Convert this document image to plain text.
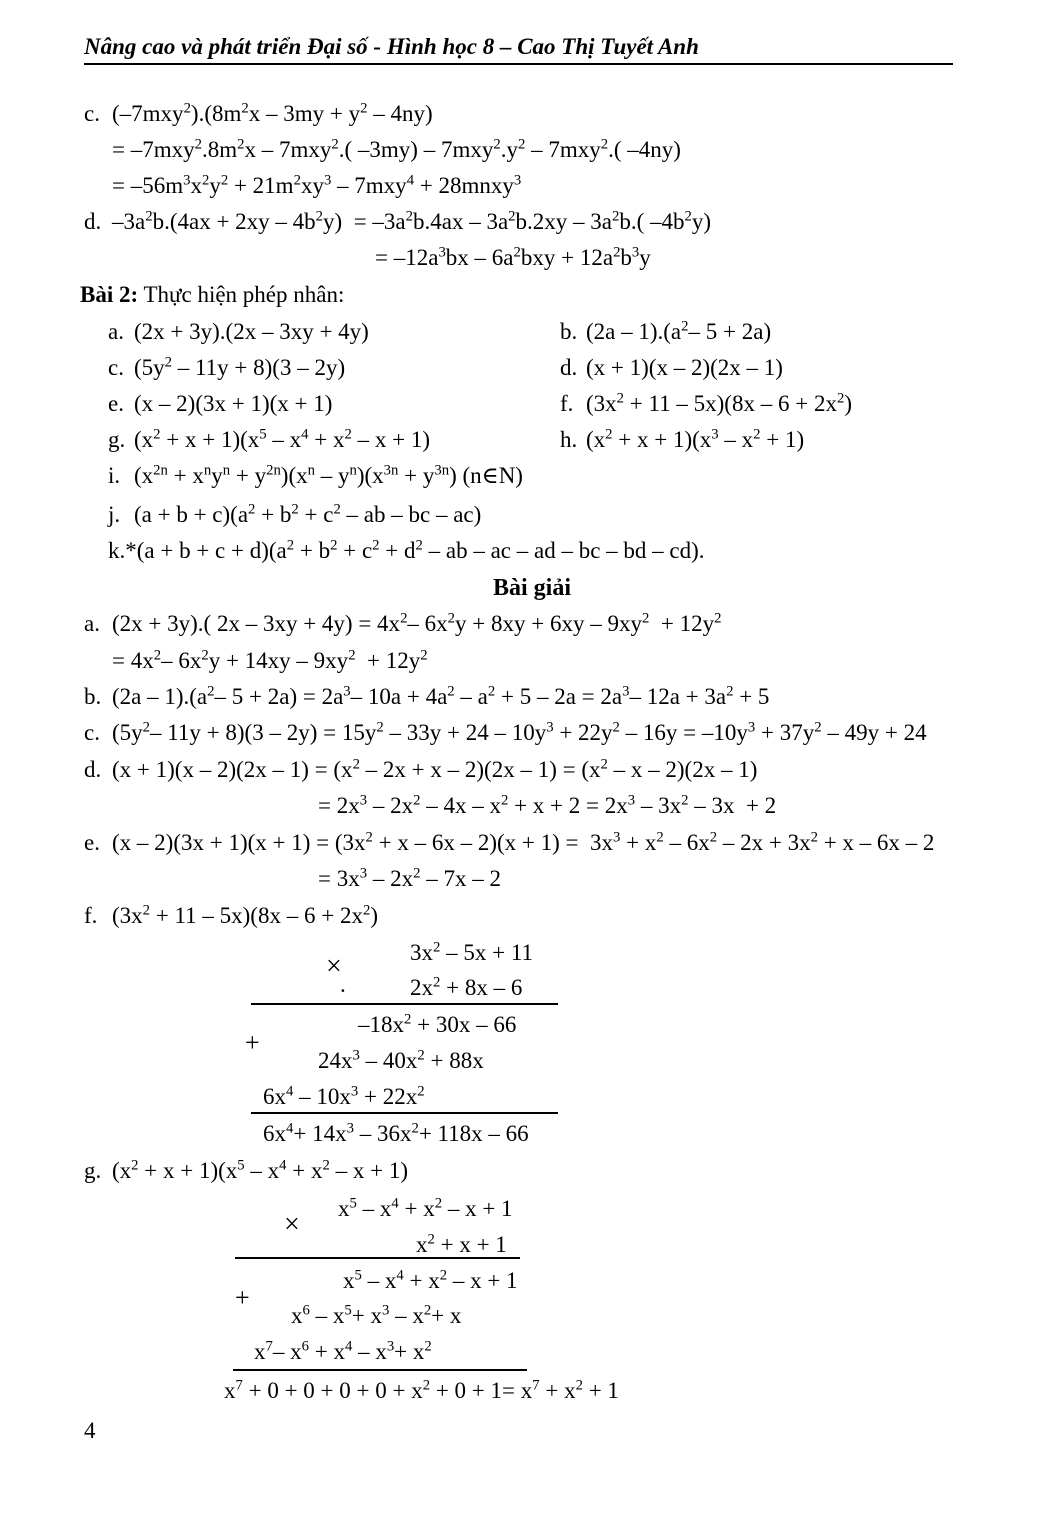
Nâng cao và phát triển Đại số - Hình học 8 – Cao Thị Tuyết Anh
c. $(-7mxy^2).(8m^2x - 3my + y^2 - 4ny)$
= $-7mxy^2.8m^2x - 7mxy^2$.( $-3my) - 7mxy^2.y^2 - 7mxy^2$.( –4ny)
= $-56m^3x^2y^2 + 21m^2xy^3 - 7mxy^4$ + 28mnxy$^3$
d. $-3a^2b.(4ax + 2xy - 4b^2y) = -3a^2b.4ax - 3a^2b.2xy - 3a^2b$.( $-4b^2y$)
= $-12a^3bx - 6a^2bxy + 12a^2b^3y$
Bài 2: Thực hiện phép nhân:
a. (2x + 3y).(2x – 3xy + 4y)	b. $(2a - 1).(a^2-$ 5 + 2a)
c. $(5y^2 - 11y + 8)(3 - 2y)$	d. (x + 1)(x – 2)(2x – 1)
e. (x – 2)(3x + 1)(x + 1)	f. $(3x^2 + 11 - 5x)(8x - 6 + 2x^2)$
g. $(x^2 + x + 1)(x^5 - x^4 + x^2 - x + 1)$	h. $(x^2 + x + 1)(x^3 - x^2 + 1)$
i. $(x^{2n} + x^ny^n + y^{2n})(x^n - y^n)(x^{3n} + y^{3n})$ (n∈N)
j. $(a + b + c)(a^2 + b^2 + c^2$ – ab – bc – ac)
$k.*(a + b + c + d)(a^2 + b^2 + c^2 + d^2$ – ab – ac – ad – bc – bd – cd).
Bài giải
a. (2x + 3y).( $2x - 3xy + 4y) = 4x^2-$ $6x^2y + 8xy + 6xy - 9xy^2 + 12y^2$
= $4x^2-$ $6x^2y + 14xy - 9xy^2 + 12y^2$
b. $(2a - 1).(a^2-$ $5 + 2a) = 2a^3-$ $10a + 4a^2 - a^2 + 5 - 2a = 2a^3-$ $12a + 3a^2 + 5$
c. ($5y^2-$ $11y + 8)(3 - 2y) = 15y^2 - 33y + 24 - 10y^3 + 22y^2 - 16y = -10y^3 + 37y^2 - 49y + 24$
d. $(x + 1)(x - 2)(2x - 1) = (x^2 - 2x + x - 2)(2x - 1) = (x^2 - x - 2)(2x - 1)$
= $2x^3 - 2x^2 - 4x - x^2 + x + 2 = 2x^3 - 3x^2 - 3x + 2$
e. $(x - 2)(3x + 1)(x + 1) = (3x^2 + x - 6x - 2)(x + 1) = 3x^3 + x^2 - 6x^2 - 2x + 3x^2 + x - 6x - 2$
= $3x^3 - 2x^2 - 7x - 2$
f. $(3x^2 + 11 - 5x)(8x - 6 + 2x^2)$
$3x^2 - 5x + 11$
×
$2x^2 + 8x - 6$
.
$-18x^2 + 30x - 66$
+
$24x^3 - 40x^2 + 88x$
$6x^4 - 10x^3 + 22x^2$
$6x^4+ 14x^3 - 36x^2+ 118x - 66$
g. $(x^2 + x + 1)(x^5 - x^4 + x^2 - x + 1)$
$x^5 - x^4 + x^2 - x + 1$
×
$x^2 + x + 1$
$x^5 - x^4 + x^2 - x + 1$
+
$x^6 - x^5+ x^3 - x^2+ x$
$x^7-$ $x^6 + x^4 - x^3+ x^2$
$x^7 + 0 + 0 + 0 + 0 + x^2 + 0 + 1= x^7 + x^2 + 1$
4
